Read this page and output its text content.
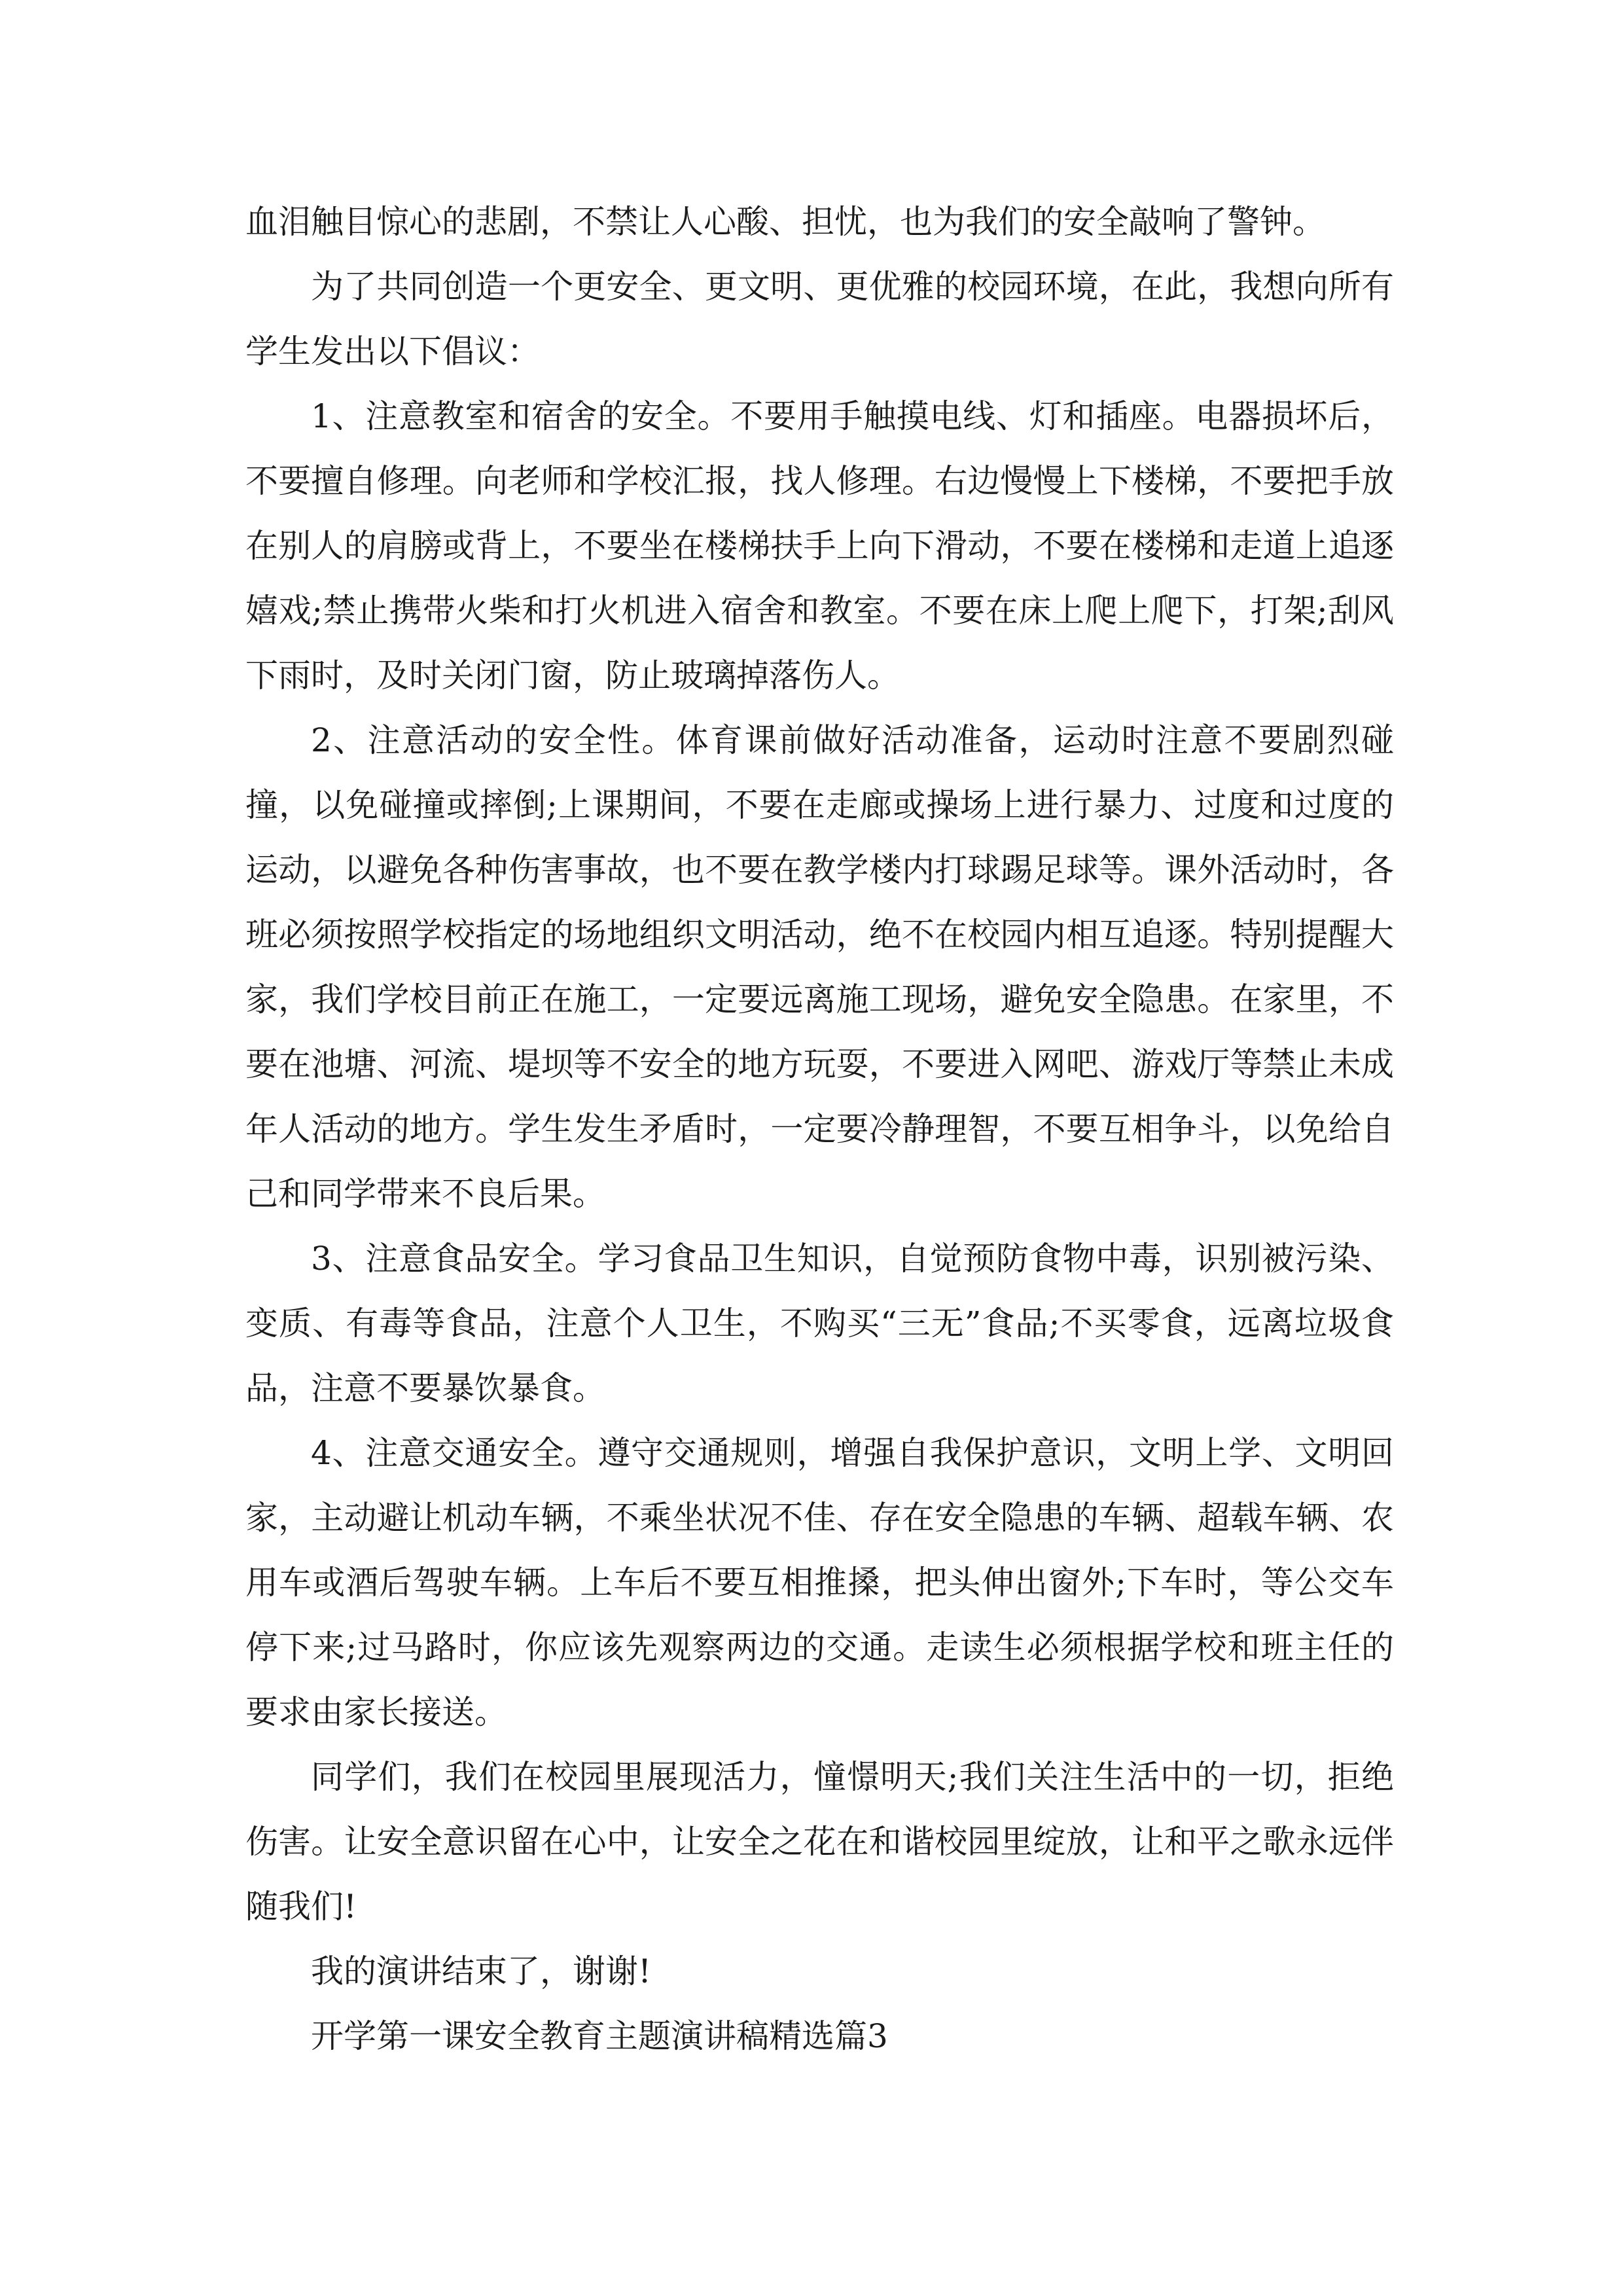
血泪触目惊心的悲剧，不禁让人心酸、担忧，也为我们的安全敲响了警钟。

为了共同创造一个更安全、更文明、更优雅的校园环境，在此，我想向所有学生发出以下倡议：

1、注意教室和宿舍的安全。不要用手触摸电线、灯和插座。电器损坏后，不要擅自修理。向老师和学校汇报，找人修理。右边慢慢上下楼梯，不要把手放在别人的肩膀或背上，不要坐在楼梯扶手上向下滑动，不要在楼梯和走道上追逐嬉戏;禁止携带火柴和打火机进入宿舍和教室。不要在床上爬上爬下，打架;刮风下雨时，及时关闭门窗，防止玻璃掉落伤人。

2、注意活动的安全性。体育课前做好活动准备，运动时注意不要剧烈碰撞，以免碰撞或摔倒;上课期间，不要在走廊或操场上进行暴力、过度和过度的运动，以避免各种伤害事故，也不要在教学楼内打球踢足球等。课外活动时，各班必须按照学校指定的场地组织文明活动，绝不在校园内相互追逐。特别提醒大家，我们学校目前正在施工，一定要远离施工现场，避免安全隐患。在家里，不要在池塘、河流、堤坝等不安全的地方玩耍，不要进入网吧、游戏厅等禁止未成年人活动的地方。学生发生矛盾时，一定要冷静理智，不要互相争斗，以免给自己和同学带来不良后果。

3、注意食品安全。学习食品卫生知识，自觉预防食物中毒，识别被污染、变质、有毒等食品，注意个人卫生，不购买“三无”食品;不买零食，远离垃圾食品，注意不要暴饮暴食。

4、注意交通安全。遵守交通规则，增强自我保护意识，文明上学、文明回家，主动避让机动车辆，不乘坐状况不佳、存在安全隐患的车辆、超载车辆、农用车或酒后驾驶车辆。上车后不要互相推搡，把头伸出窗外;下车时，等公交车停下来;过马路时，你应该先观察两边的交通。走读生必须根据学校和班主任的要求由家长接送。

同学们，我们在校园里展现活力，憧憬明天;我们关注生活中的一切，拒绝伤害。让安全意识留在心中，让安全之花在和谐校园里绽放，让和平之歌永远伴随我们!

我的演讲结束了，谢谢!

开学第一课安全教育主题演讲稿精选篇3
